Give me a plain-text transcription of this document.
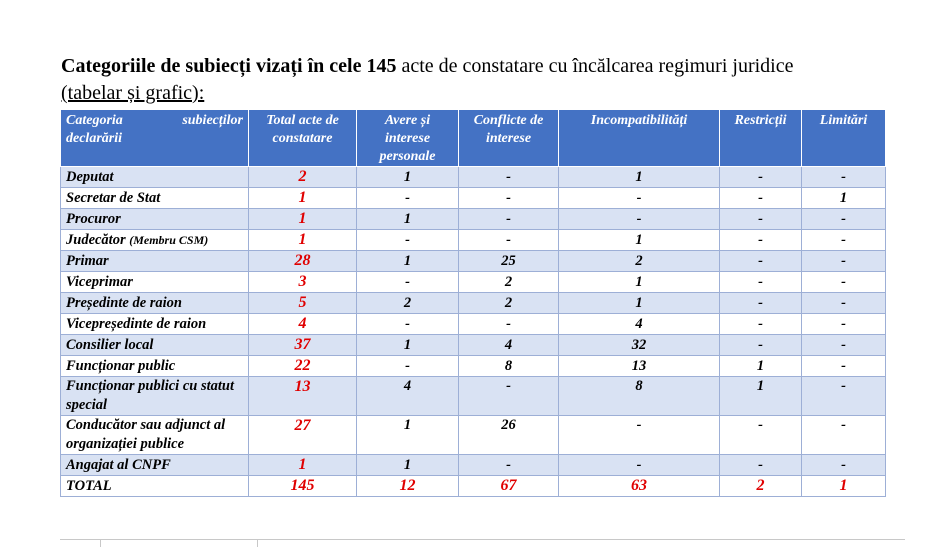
Categoriile de subiecți vizați în cele 145 acte de constatare cu încălcarea regimuri juridice
(tabelar și grafic):
Categoria subiecților declarării	Total acte de constatare	Avere și interese personale	Conflicte de interese	Incompatibilități	Restricții	Limitări
Deputat	2	1	-	1	-	-
Secretar de Stat	1	-	-	-	-	1
Procuror	1	1	-	-	-	-
Judecător (Membru CSM)	1	-	-	1	-	-
Primar	28	1	25	2	-	-
Viceprimar	3	-	2	1	-	-
Președinte de raion	5	2	2	1	-	-
Vicepreședinte de raion	4	-	-	4	-	-
Consilier local	37	1	4	32	-	-
Funcționar public	22	-	8	13	1	-
Funcționar publici cu statut special	13	4	-	8	1	-
Conducător sau adjunct al organizației publice	27	1	26	-	-	-
Angajat al CNPF	1	1	-	-	-	-
TOTAL	145	12	67	63	2	1
